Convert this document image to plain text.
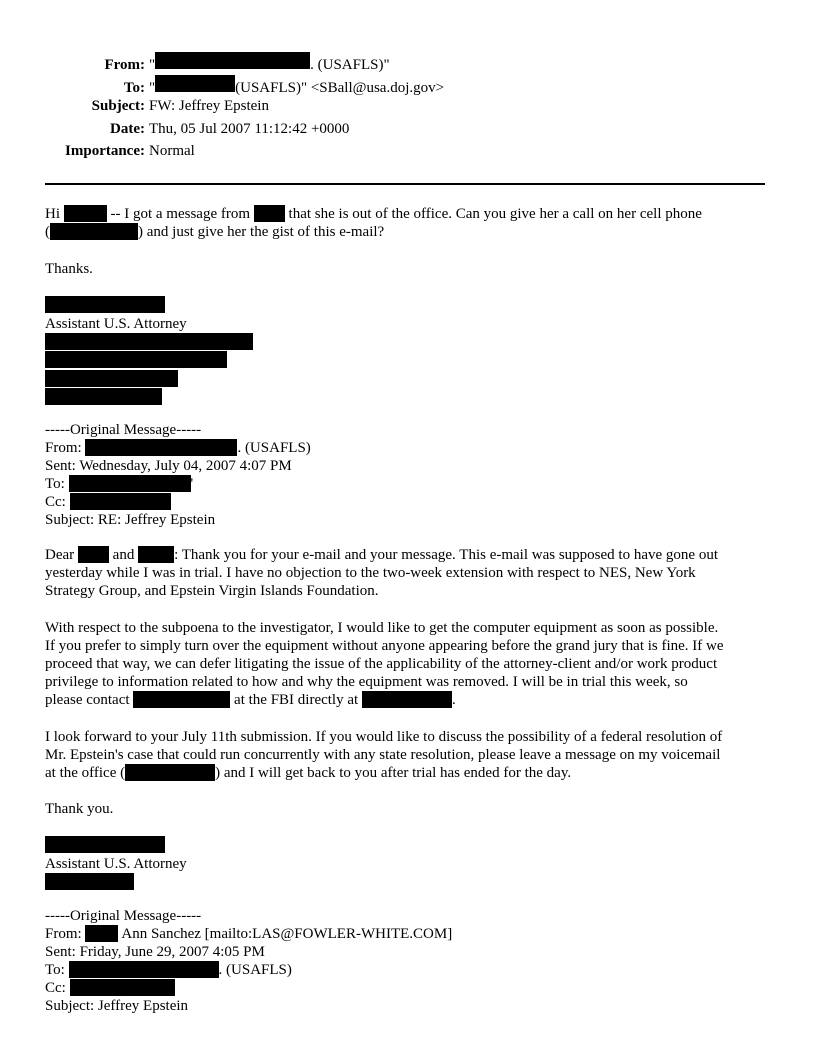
From: "	. (USAFLS)"
To: "	(USAFLS)" <SBall@usa.doj.gov>
Subject: FW: Jeffrey Epstein
Date: Thu, 05 Jul 2007 11:12:42 +0000
Importance: Normal
Hi	-- I got a message from  that she is out of the office. Can you give her a call on her cell phone
(	) and just give her the gist of this e-mail?
Thanks.
Assistant U.S. Attorney
-----Original Message-----
From:	. (USAFLS)
Sent: Wednesday, July 04, 2007 4:07 PM
To:	'
Cc:
Subject: RE: Jeffrey Epstein
Dear  and : Thank you for your e-mail and your message. This e-mail was supposed to have gone out
yesterday while I was in trial. I have no objection to the two-week extension with respect to NES, New York
Strategy Group, and Epstein Virgin Islands Foundation.
With respect to the subpoena to the investigator, I would like to get the computer equipment as soon as possible.
If you prefer to simply turn over the equipment without anyone appearing before the grand jury that is fine. If we
proceed that way, we can defer litigating the issue of the applicability of the attorney-client and/or work product
privilege to information related to how and why the equipment was removed. I will be in trial this week, so
please contact	at the FBI directly at	.
I look forward to your July 11th submission. If you would like to discuss the possibility of a federal resolution of
Mr. Epstein's case that could run concurrently with any state resolution, please leave a message on my voicemail
at the office (	) and I will get back to you after trial has ended for the day.
Thank you.
Assistant U.S. Attorney
-----Original Message-----
From:  Ann Sanchez [mailto:LAS@FOWLER-WHITE.COM]
Sent: Friday, June 29, 2007 4:05 PM
To:	. (USAFLS)
Cc:
Subject: Jeffrey Epstein
